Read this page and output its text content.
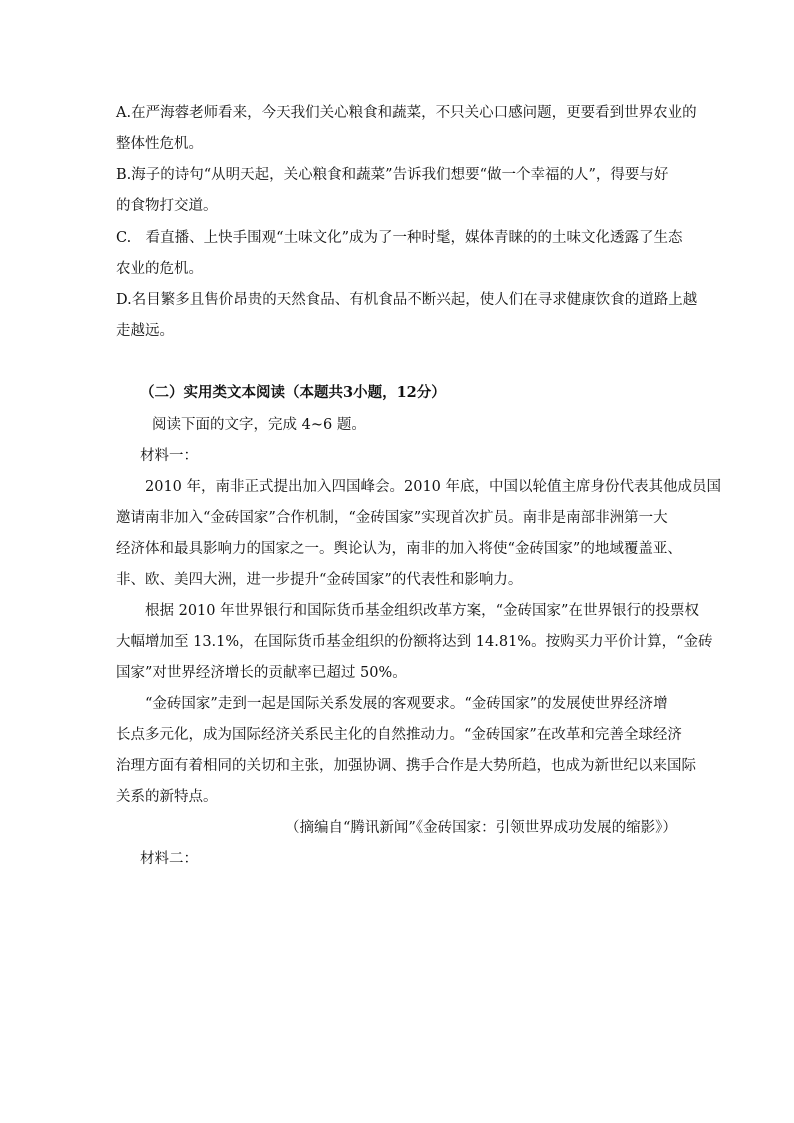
A.在严海蓉老师看来，今天我们关心粮食和蔬菜，不只关心口感问题，更要看到世界农业的
整体性危机。
B.海子的诗句“从明天起，关心粮食和蔬菜”告诉我们想要“做一个幸福的人”，得要与好
的食物打交道。
C.　看直播、上快手围观“土味文化”成为了一种时髦，媒体青睐的的土味文化透露了生态
农业的危机。
D.名目繁多且售价昂贵的天然食品、有机食品不断兴起，使人们在寻求健康饮食的道路上越
走越远。
（二）实用类文本阅读（本题共3小题，12分）
阅读下面的文字，完成 4~6 题。
材料一：
2010 年，南非正式提出加入四国峰会。2010 年底，中国以轮值主席身份代表其他成员国
邀请南非加入“金砖国家”合作机制，“金砖国家”实现首次扩员。南非是南部非洲第一大
经济体和最具影响力的国家之一。舆论认为，南非的加入将使“金砖国家”的地域覆盖亚、
非、欧、美四大洲，进一步提升“金砖国家”的代表性和影响力。
根据 2010 年世界银行和国际货币基金组织改革方案，“金砖国家”在世界银行的投票权
大幅增加至 13.1%，在国际货币基金组织的份额将达到 14.81%。按购买力平价计算，“金砖
国家”对世界经济增长的贡献率已超过 50%。
“金砖国家”走到一起是国际关系发展的客观要求。“金砖国家”的发展使世界经济增
长点多元化，成为国际经济关系民主化的自然推动力。“金砖国家”在改革和完善全球经济
治理方面有着相同的关切和主张，加强协调、携手合作是大势所趋，也成为新世纪以来国际
关系的新特点。
（摘编自“腾讯新闻”《金砖国家：引领世界成功发展的缩影》）
材料二：
